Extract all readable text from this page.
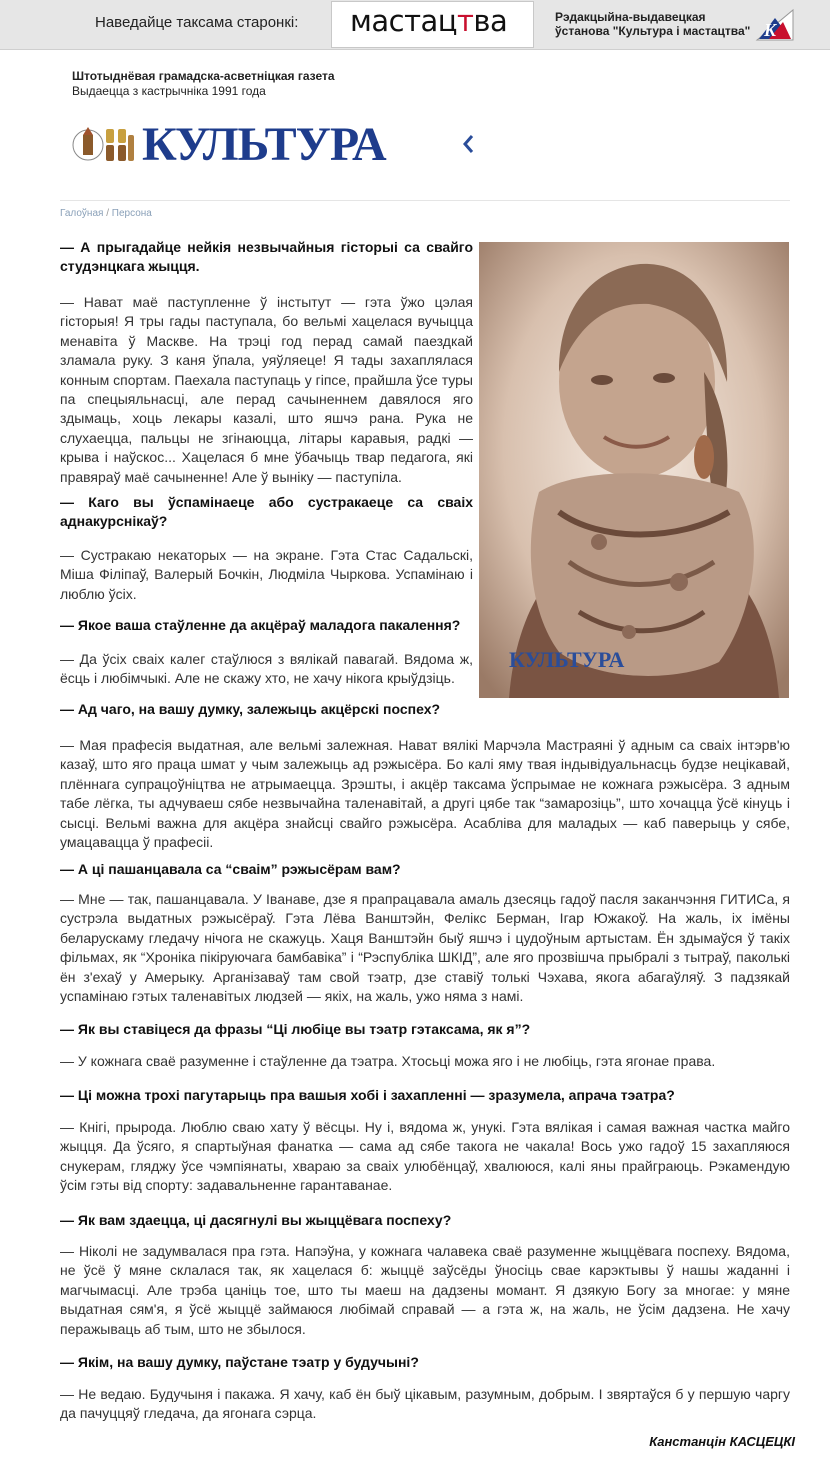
Наведайце таксама старонкі: мастацтва	Рэдакцыйна-выдавецкая
ўстанова "Культура і мастацтва" K
Штотыднёвая грамадска-асветніцкая газета
Выдаецца з кастрычніка 1991 года
КУЛЬТУРА
Галоўная / Персона
КУЛЬТУРА
— А прыгадайце нейкія незвычайныя гісторыі са свайго студэнцкага жыцця.
— Нават маё паступленне ў інстытут — гэта ўжо цэлая гісторыя! Я тры гады паступала, бо вельмі хацелася вучыцца менавіта ў Маскве. На трэці год перад самай паездкай зламала руку. З каня ўпала, уяўляеце! Я тады захаплялася конным спортам. Паехала паступаць у гіпсе, прайшла ўсе туры па спецыяльнасці, але перад сачыненнем давялося яго здымаць, хоць лекары казалі, што яшчэ рана. Рука не слухаецца, пальцы не згінаюцца, літары каравыя, радкі — крыва і наўскос... Хацелася б мне ўбачыць твар педагога, які правяраў маё сачыненне! Але ў выніку — паступіла.
— Каго вы ўспамінаеце або сустракаеце са сваіх аднакурснікаў?
— Сустракаю некаторых — на экране. Гэта Стас Садальскі, Міша Філіпаў, Валерый Бочкін, Людміла Чыркова. Успамінаю і люблю ўсіх.
— Якое ваша стаўленне да акцёраў маладога пакалення?
— Да ўсіх сваіх калег стаўлюся з вялікай павагай. Вядома ж, ёсць і любімчыкі. Але не скажу хто, не хачу нікога крыўдзіць.
— Ад чаго, на вашу думку, залежыць акцёрскі поспех?
— Мая прафесія выдатная, але вельмі залежная. Нават вялікі Марчэла Мастраяні ў адным са сваіх інтэрв'ю казаў, што яго праца шмат у чым залежыць ад рэжысёра. Бо калі яму твая індывідуальнасць будзе нецікавай, плённага супрацоўніцтва не атрымаецца. Зрэшты, і акцёр таксама ўспрымае не кожнага рэжысёра. З адным табе лёгка, ты адчуваеш сябе незвычайна таленавітай, а другі цябе так “замарозіць”, што хочацца ўсё кінуць і сысці. Вельмі важна для акцёра знайсці свайго рэжысёра. Асабліва для маладых — каб паверыць у сябе, умацавацца ў прафесіі.
— А ці пашанцавала са “сваім” рэжысёрам вам?
— Мне — так, пашанцавала. У Іванаве, дзе я прапрацавала амаль дзесяць гадоў пасля заканчэння ГИТИСа, я сустрэла выдатных рэжысёраў. Гэта Лёва Ванштэйн, Фелікс Берман, Ігар Южакоў. На жаль, іх імёны беларускаму гледачу нічога не скажуць. Хаця Ванштэйн быў яшчэ і цудоўным артыстам. Ён здымаўся ў такіх фільмах, як “Хроніка пікіруючага бамбавіка” і “Рэспубліка ШКІД”, але яго прозвішча прыбралі з тытраў, паколькі ён з'ехаў у Амерыку. Арганізаваў там свой тэатр, дзе ставіў толькі Чэхава, якога абагаўляў. З падзякай успамінаю гэтых таленавітых людзей — якіх, на жаль, ужо няма з намі.
— Як вы ставіцеся да фразы “Ці любіце вы тэатр гэтаксама, як я”?
— У кожнага сваё разуменне і стаўленне да тэатра. Хтосьці можа яго і не любіць, гэта ягонае права.
— Ці можна трохі пагутарыць пра вашыя хобі і захапленні — зразумела, апрача тэатра?
— Кнігі, прырода. Люблю сваю хату ў вёсцы. Ну і, вядома ж, унукі. Гэта вялікая і самая важная частка майго жыцця. Да ўсяго, я спартыўная фанатка — сама ад сябе такога не чакала! Вось ужо гадоў 15 захапляюся снукерам, гляджу ўсе чэмпіянаты, хвараю за сваіх улюбёнцаў, хвалююся, калі яны прайграюць. Рэкамендую ўсім гэты від спорту: задавальненне гарантаванае.
— Як вам здаецца, ці дасягнулі вы жыццёвага поспеху?
— Ніколі не задумвалася пра гэта. Напэўна, у кожнага чалавека сваё разуменне жыццёвага поспеху. Вядома, не ўсё ў мяне склалася так, як хацелася б: жыццё заўсёды ўносіць свае карэктывы ў нашы жаданні і магчымасці. Але трэба цаніць тое, што ты маеш на дадзены момант. Я дзякую Богу за многае: у мяне выдатная сям'я, я ўсё жыццё займаюся любімай справай — а гэта ж, на жаль, не ўсім дадзена. Не хачу перажываць аб тым, што не збылося.
— Якім, на вашу думку, паўстане тэатр у будучыні?
— Не ведаю. Будучыня і пакажа. Я хачу, каб ён быў цікавым, разумным, добрым. І звяртаўся б у першую чаргу да пачуццяў гледача, да ягонага сэрца.
Канстанцін КАСЦЕЦКІ
